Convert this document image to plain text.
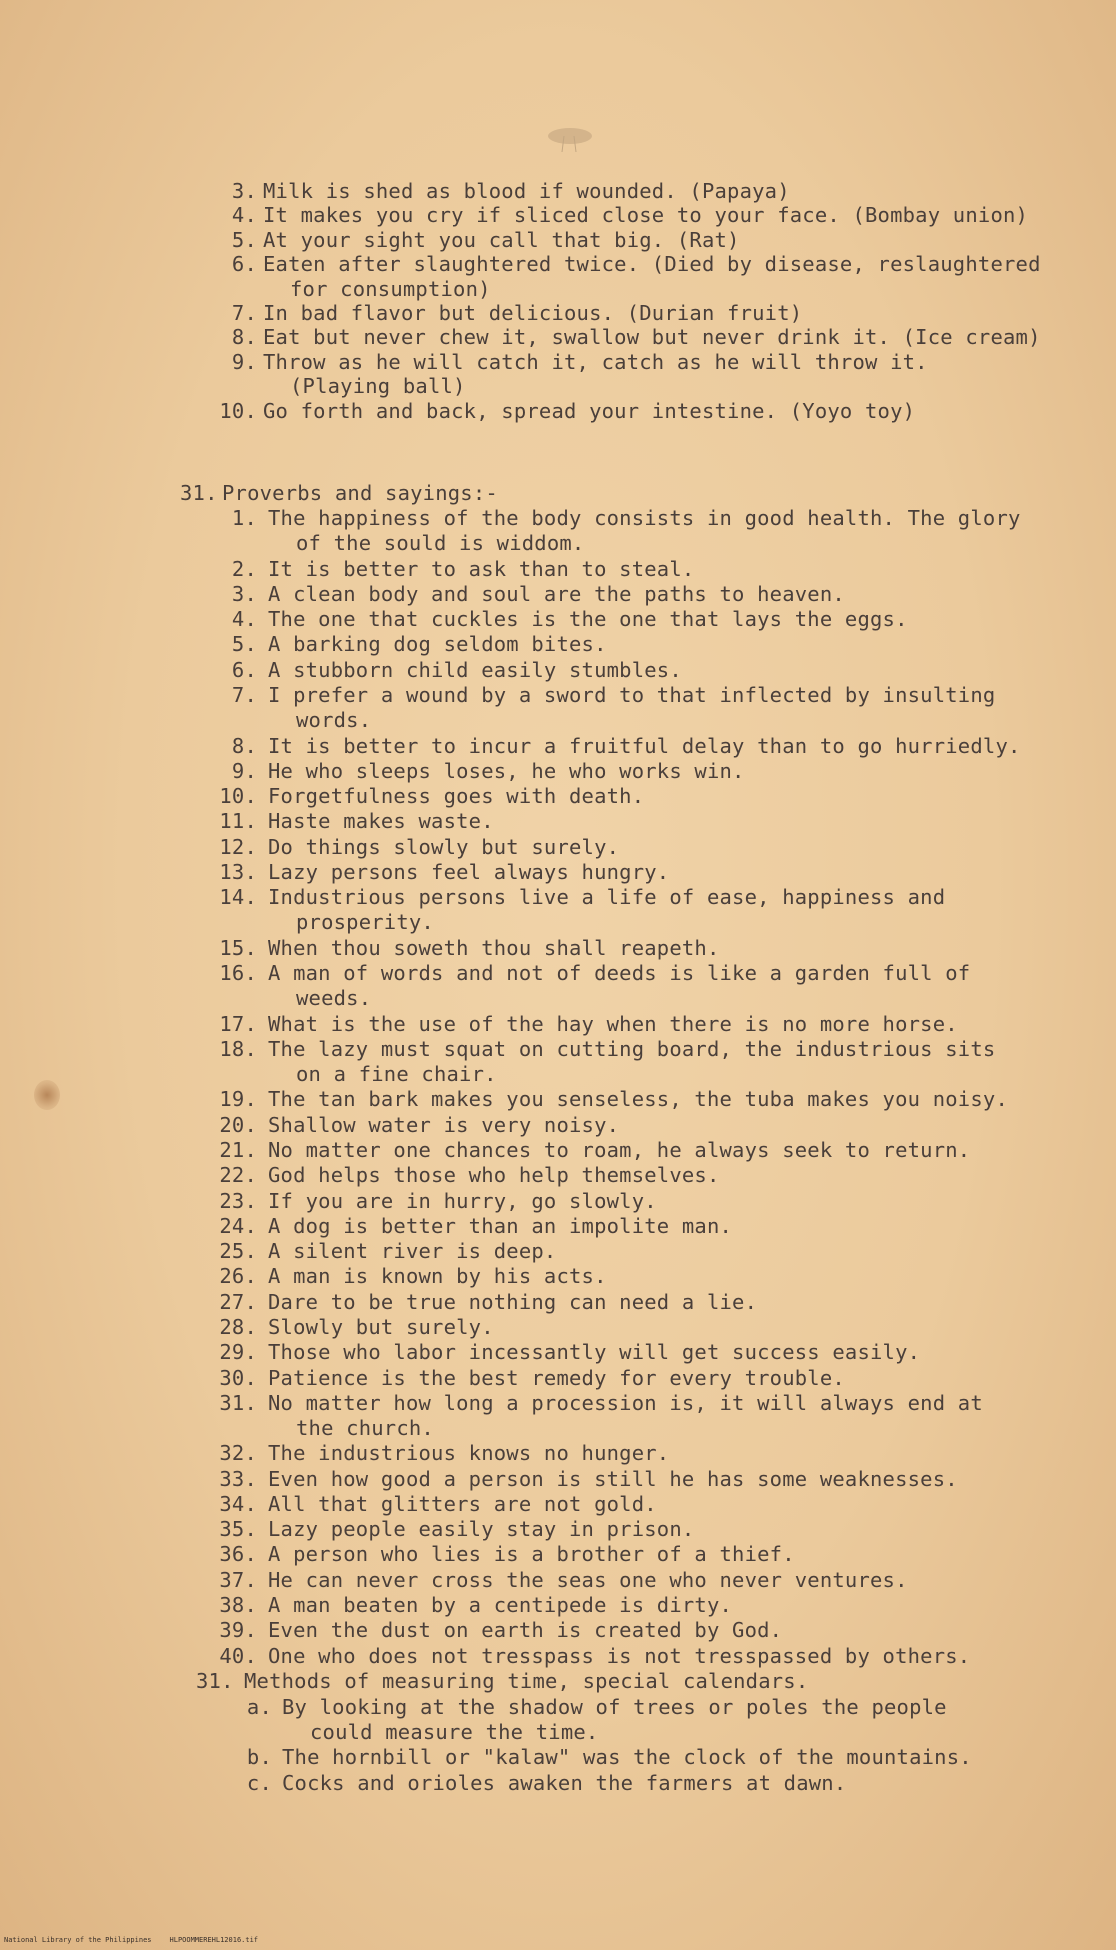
3. Milk is shed as blood if wounded. (Papaya)
4. It makes you cry if sliced close to your face. (Bombay union)
5. At your sight you call that big. (Rat)
6. Eaten after slaughtered twice. (Died by disease, reslaughtered
for consumption)
7. In bad flavor but delicious. (Durian fruit)
8. Eat but never chew it, swallow but never drink it. (Ice cream)
9. Throw as he will catch it, catch as he will throw it.
(Playing ball)
10. Go forth and back, spread your intestine. (Yoyo toy)
31. Proverbs and sayings:-
1. The happiness of the body consists in good health. The glory
of the sould is widdom.
2. It is better to ask than to steal.
3. A clean body and soul are the paths to heaven.
4. The one that cuckles is the one that lays the eggs.
5. A barking dog seldom bites.
6. A stubborn child easily stumbles.
7. I prefer a wound by a sword to that inflected by insulting
words.
8. It is better to incur a fruitful delay than to go hurriedly.
9. He who sleeps loses, he who works win.
10. Forgetfulness goes with death.
11. Haste makes waste.
12. Do things slowly but surely.
13. Lazy persons feel always hungry.
14. Industrious persons live a life of ease, happiness and
prosperity.
15. When thou soweth thou shall reapeth.
16. A man of words and not of deeds is like a garden full of
weeds.
17. What is the use of the hay when there is no more horse.
18. The lazy must squat on cutting board, the industrious sits
on a fine chair.
19. The tan bark makes you senseless, the tuba makes you noisy.
20. Shallow water is very noisy.
21. No matter one chances to roam, he always seek to return.
22. God helps those who help themselves.
23. If you are in hurry, go slowly.
24. A dog is better than an impolite man.
25. A silent river is deep.
26. A man is known by his acts.
27. Dare to be true nothing can need a lie.
28. Slowly but surely.
29. Those who labor incessantly will get success easily.
30. Patience is the best remedy for every trouble.
31. No matter how long a procession is, it will always end at
the church.
32. The industrious knows no hunger.
33. Even how good a person is still he has some weaknesses.
34. All that glitters are not gold.
35. Lazy people easily stay in prison.
36. A person who lies is a brother of a thief.
37. He can never cross the seas one who never ventures.
38. A man beaten by a centipede is dirty.
39. Even the dust on earth is created by God.
40. One who does not tresspass is not tresspassed by others.
31. Methods of measuring time, special calendars.
a. By looking at the shadow of trees or poles the people
could measure the time.
b. The hornbill or "kalaw" was the clock of the mountains.
c. Cocks and orioles awaken the farmers at dawn.
National Library of the Philippines	HLPOOMMEREHL12016.tif
